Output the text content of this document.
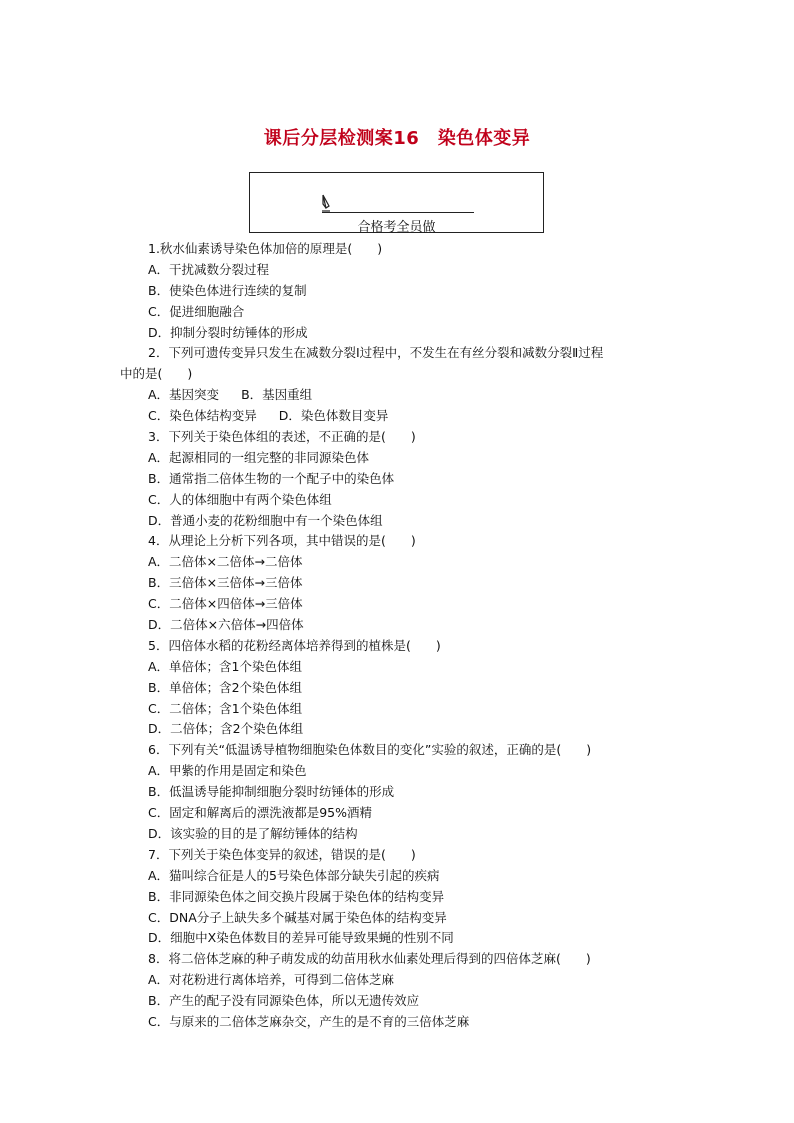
课后分层检测案16　染色体变异
合格考全员做
1.秋水仙素诱导染色体加倍的原理是(　　)
A．干扰减数分裂过程
B．使染色体进行连续的复制
C．促进细胞融合
D．抑制分裂时纺锤体的形成
2．下列可遗传变异只发生在减数分裂Ⅰ过程中，不发生在有丝分裂和减数分裂Ⅱ过程
中的是(　　)
A．基因突变 B．基因重组
C．染色体结构变异 D．染色体数目变异
3．下列关于染色体组的表述，不正确的是(　　)
A．起源相同的一组完整的非同源染色体
B．通常指二倍体生物的一个配子中的染色体
C．人的体细胞中有两个染色体组
D．普通小麦的花粉细胞中有一个染色体组
4．从理论上分析下列各项，其中错误的是(　　)
A．二倍体×二倍体→二倍体
B．三倍体×三倍体→三倍体
C．二倍体×四倍体→三倍体
D．二倍体×六倍体→四倍体
5．四倍体水稻的花粉经离体培养得到的植株是(　　)
A．单倍体；含1个染色体组
B．单倍体；含2个染色体组
C．二倍体；含1个染色体组
D．二倍体；含2个染色体组
6．下列有关“低温诱导植物细胞染色体数目的变化”实验的叙述，正确的是(　　)
A．甲紫的作用是固定和染色
B．低温诱导能抑制细胞分裂时纺锤体的形成
C．固定和解离后的漂洗液都是95%酒精
D．该实验的目的是了解纺锤体的结构
7．下列关于染色体变异的叙述，错误的是(　　)
A．猫叫综合征是人的5号染色体部分缺失引起的疾病
B．非同源染色体之间交换片段属于染色体的结构变异
C．DNA分子上缺失多个碱基对属于染色体的结构变异
D．细胞中X染色体数目的差异可能导致果蝇的性别不同
8．将二倍体芝麻的种子萌发成的幼苗用秋水仙素处理后得到的四倍体芝麻(　　)
A．对花粉进行离体培养，可得到二倍体芝麻
B．产生的配子没有同源染色体，所以无遗传效应
C．与原来的二倍体芝麻杂交，产生的是不育的三倍体芝麻
